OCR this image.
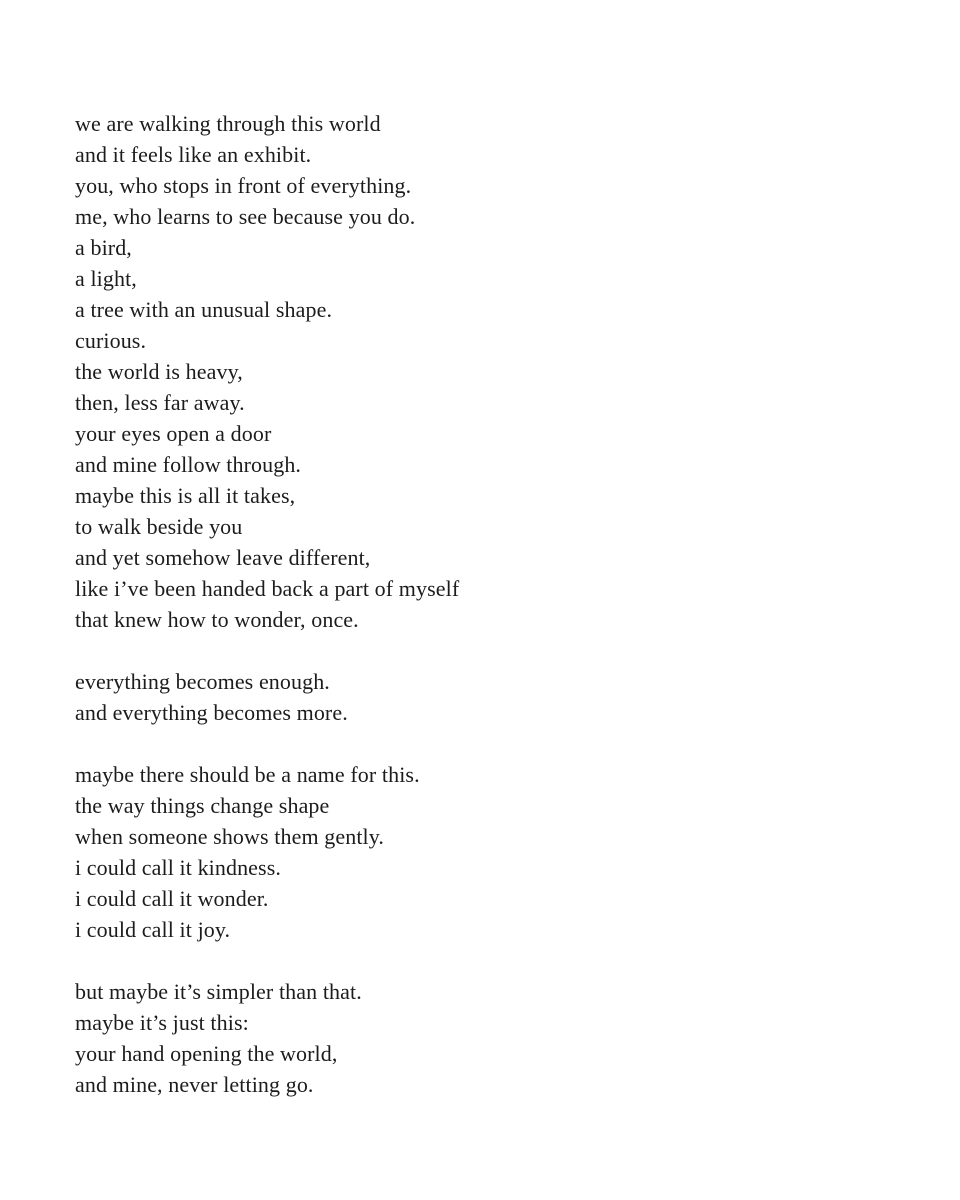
we are walking through this world
and it feels like an exhibit.
you, who stops in front of everything.
me, who learns to see because you do.
a bird,
a light,
a tree with an unusual shape.
curious.
the world is heavy,
then, less far away.
your eyes open a door
and mine follow through.
maybe this is all it takes,
to walk beside you
and yet somehow leave different,
like i’ve been handed back a part of myself
that knew how to wonder, once.
everything becomes enough.
and everything becomes more.
maybe there should be a name for this.
the way things change shape
when someone shows them gently.
i could call it kindness.
i could call it wonder.
i could call it joy.
but maybe it’s simpler than that.
maybe it’s just this:
your hand opening the world,
and mine, never letting go.
